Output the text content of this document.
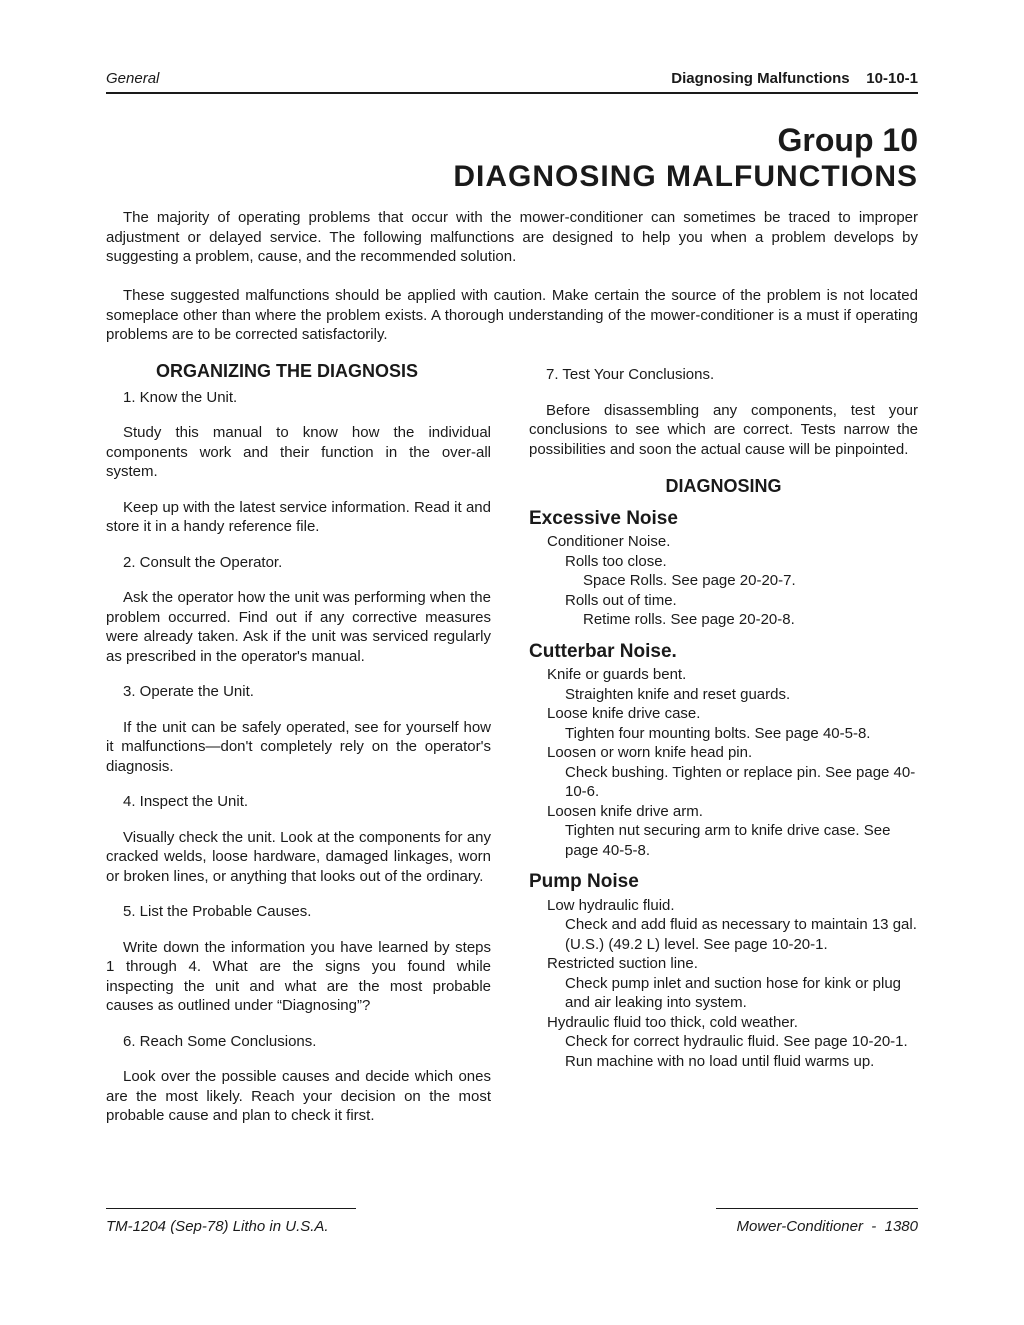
General	Diagnosing Malfunctions    10-10-1
Group 10
DIAGNOSING MALFUNCTIONS

The majority of operating problems that occur with the mower-conditioner can sometimes be traced to improper adjustment or delayed service. The following malfunctions are designed to help you when a problem develops by suggesting a problem, cause, and the recommended solution.

These suggested malfunctions should be applied with caution. Make certain the source of the problem is not located someplace other than where the problem exists. A thorough understanding of the mower-conditioner is a must if operating problems are to be corrected satisfactorily.

ORGANIZING THE DIAGNOSIS

1. Know the Unit.

Study this manual to know how the individual components work and their function in the over-all system.

Keep up with the latest service information. Read it and store it in a handy reference file.

2. Consult the Operator.

Ask the operator how the unit was performing when the problem occurred. Find out if any corrective measures were already taken. Ask if the unit was serviced regularly as prescribed in the operator's manual.

3. Operate the Unit.

If the unit can be safely operated, see for yourself how it malfunctions—don't completely rely on the operator's diagnosis.

4. Inspect the Unit.

Visually check the unit. Look at the components for any cracked welds, loose hardware, damaged linkages, worn or broken lines, or anything that looks out of the ordinary.

5. List the Probable Causes.

Write down the information you have learned by steps 1 through 4. What are the signs you found while inspecting the unit and what are the most probable causes as outlined under “Diagnosing”?

6. Reach Some Conclusions.

Look over the possible causes and decide which ones are the most likely. Reach your decision on the most probable cause and plan to check it first.

7. Test Your Conclusions.

Before disassembling any components, test your conclusions to see which are correct. Tests narrow the possibilities and soon the actual cause will be pinpointed.

DIAGNOSING
Excessive Noise

Conditioner Noise.

Rolls too close.

Space Rolls. See page 20-20-7.

Rolls out of time.

Retime rolls. See page 20-20-8.

Cutterbar Noise.

Knife or guards bent.

Straighten knife and reset guards.

Loose knife drive case.

Tighten four mounting bolts. See page 40-5-8.

Loosen or worn knife head pin.

Check bushing. Tighten or replace pin. See page 40-10-6.

Loosen knife drive arm.

Tighten nut securing arm to knife drive case. See page 40-5-8.

Pump Noise

Low hydraulic fluid.

Check and add fluid as necessary to maintain 13 gal. (U.S.) (49.2 L) level. See page 10-20-1.

Restricted suction line.

Check pump inlet and suction hose for kink or plug and air leaking into system.

Hydraulic fluid too thick, cold weather.

Check for correct hydraulic fluid. See page 10-20-1.

Run machine with no load until fluid warms up.

TM-1204 (Sep-78) Litho in U.S.A.	Mower-Conditioner  -  1380
